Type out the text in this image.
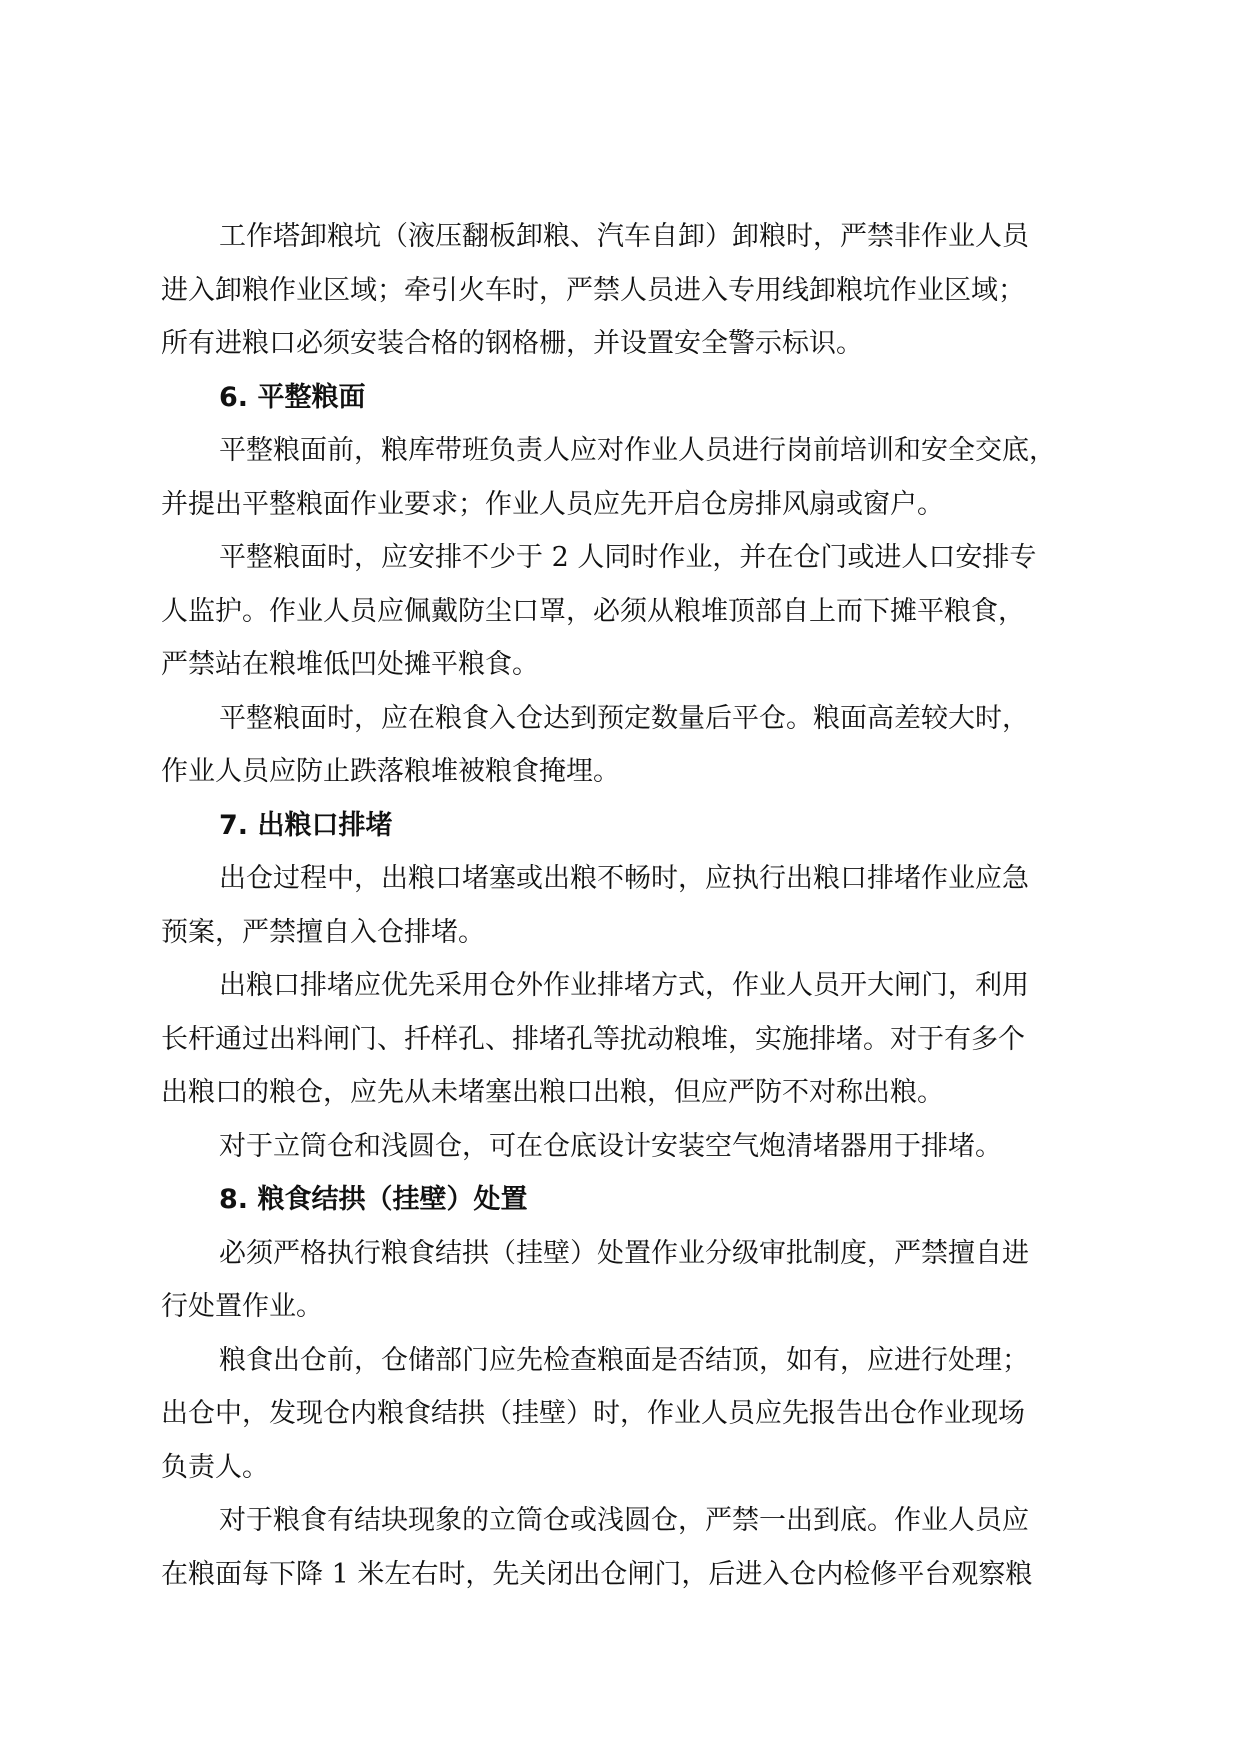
工作塔卸粮坑（液压翻板卸粮、汽车自卸）卸粮时，严禁非作业人员
进入卸粮作业区域；牵引火车时，严禁人员进入专用线卸粮坑作业区域；
所有进粮口必须安装合格的钢格栅，并设置安全警示标识。
6. 平整粮面
平整粮面前，粮库带班负责人应对作业人员进行岗前培训和安全交底，
并提出平整粮面作业要求；作业人员应先开启仓房排风扇或窗户。
平整粮面时，应安排不少于 2 人同时作业，并在仓门或进人口安排专
人监护。作业人员应佩戴防尘口罩，必须从粮堆顶部自上而下摊平粮食，
严禁站在粮堆低凹处摊平粮食。
平整粮面时，应在粮食入仓达到预定数量后平仓。粮面高差较大时，
作业人员应防止跌落粮堆被粮食掩埋。
7. 出粮口排堵
出仓过程中，出粮口堵塞或出粮不畅时，应执行出粮口排堵作业应急
预案，严禁擅自入仓排堵。
出粮口排堵应优先采用仓外作业排堵方式，作业人员开大闸门，利用
长杆通过出料闸门、扦样孔、排堵孔等扰动粮堆，实施排堵。对于有多个
出粮口的粮仓，应先从未堵塞出粮口出粮，但应严防不对称出粮。
对于立筒仓和浅圆仓，可在仓底设计安装空气炮清堵器用于排堵。
8. 粮食结拱（挂壁）处置
必须严格执行粮食结拱（挂壁）处置作业分级审批制度，严禁擅自进
行处置作业。
粮食出仓前，仓储部门应先检查粮面是否结顶，如有，应进行处理；
出仓中，发现仓内粮食结拱（挂壁）时，作业人员应先报告出仓作业现场
负责人。
对于粮食有结块现象的立筒仓或浅圆仓，严禁一出到底。作业人员应
在粮面每下降 1 米左右时，先关闭出仓闸门，后进入仓内检修平台观察粮
